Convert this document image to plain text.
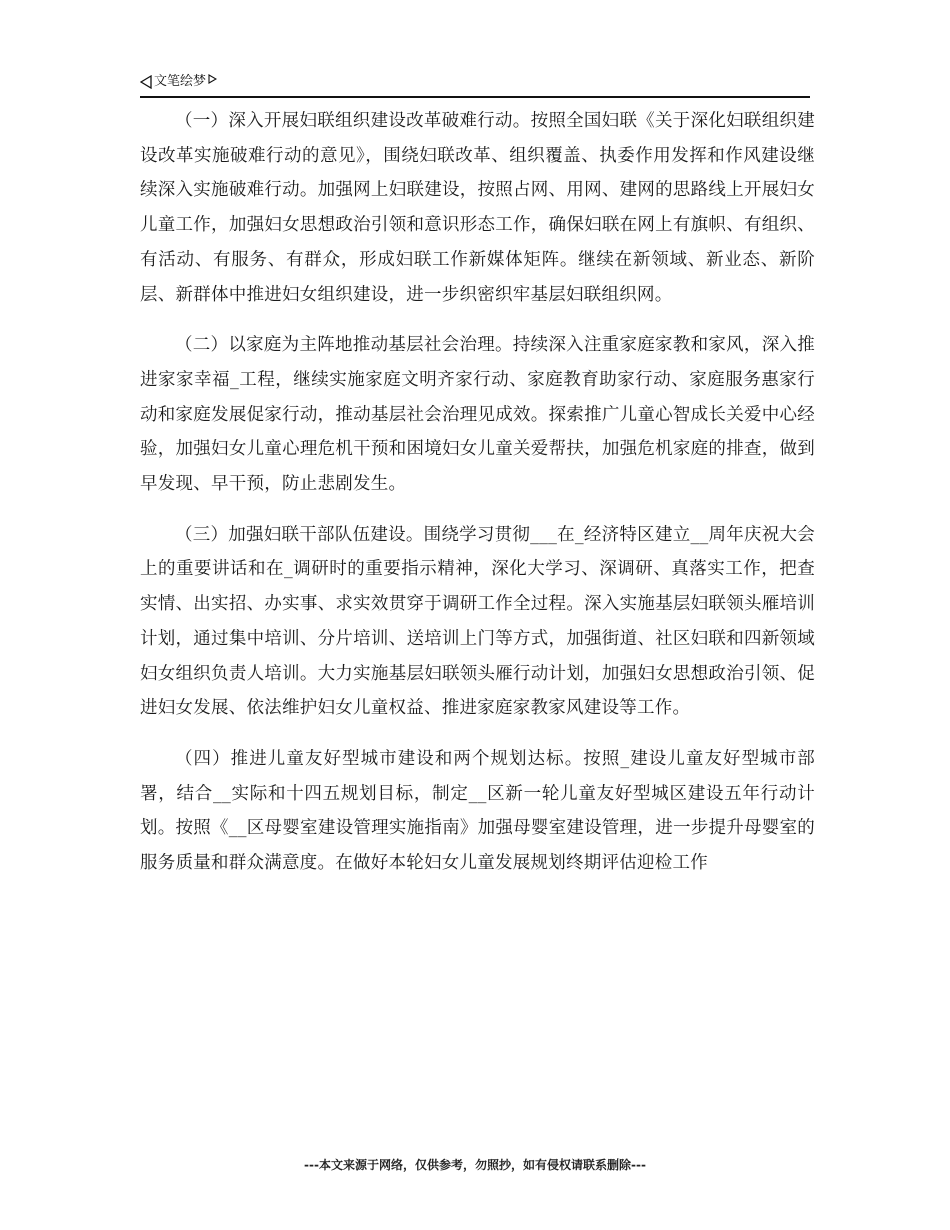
文笔绘梦

（一）深入开展妇联组织建设改革破难行动。按照全国妇联《关于深化妇联组织建设改革实施破难行动的意见》，围绕妇联改革、组织覆盖、执委作用发挥和作风建设继续深入实施破难行动。加强网上妇联建设，按照占网、用网、建网的思路线上开展妇女儿童工作，加强妇女思想政治引领和意识形态工作，确保妇联在网上有旗帜、有组织、有活动、有服务、有群众，形成妇联工作新媒体矩阵。继续在新领域、新业态、新阶层、新群体中推进妇女组织建设，进一步织密织牢基层妇联组织网。

（二）以家庭为主阵地推动基层社会治理。持续深入注重家庭家教和家风，深入推进家家幸福_工程，继续实施家庭文明齐家行动、家庭教育助家行动、家庭服务惠家行动和家庭发展促家行动，推动基层社会治理见成效。探索推广儿童心智成长关爱中心经验，加强妇女儿童心理危机干预和困境妇女儿童关爱帮扶，加强危机家庭的排查，做到早发现、早干预，防止悲剧发生。

（三）加强妇联干部队伍建设。围绕学习贯彻___在_经济特区建立__周年庆祝大会上的重要讲话和在_调研时的重要指示精神，深化大学习、深调研、真落实工作，把查实情、出实招、办实事、求实效贯穿于调研工作全过程。深入实施基层妇联领头雁培训计划，通过集中培训、分片培训、送培训上门等方式，加强街道、社区妇联和四新领域妇女组织负责人培训。大力实施基层妇联领头雁行动计划，加强妇女思想政治引领、促进妇女发展、依法维护妇女儿童权益、推进家庭家教家风建设等工作。

（四）推进儿童友好型城市建设和两个规划达标。按照_建设儿童友好型城市部署，结合__实际和十四五规划目标，制定__区新一轮儿童友好型城区建设五年行动计划。按照《__区母婴室建设管理实施指南》加强母婴室建设管理，进一步提升母婴室的服务质量和群众满意度。在做好本轮妇女儿童发展规划终期评估迎检工作

---本文来源于网络，仅供参考，勿照抄，如有侵权请联系删除---
